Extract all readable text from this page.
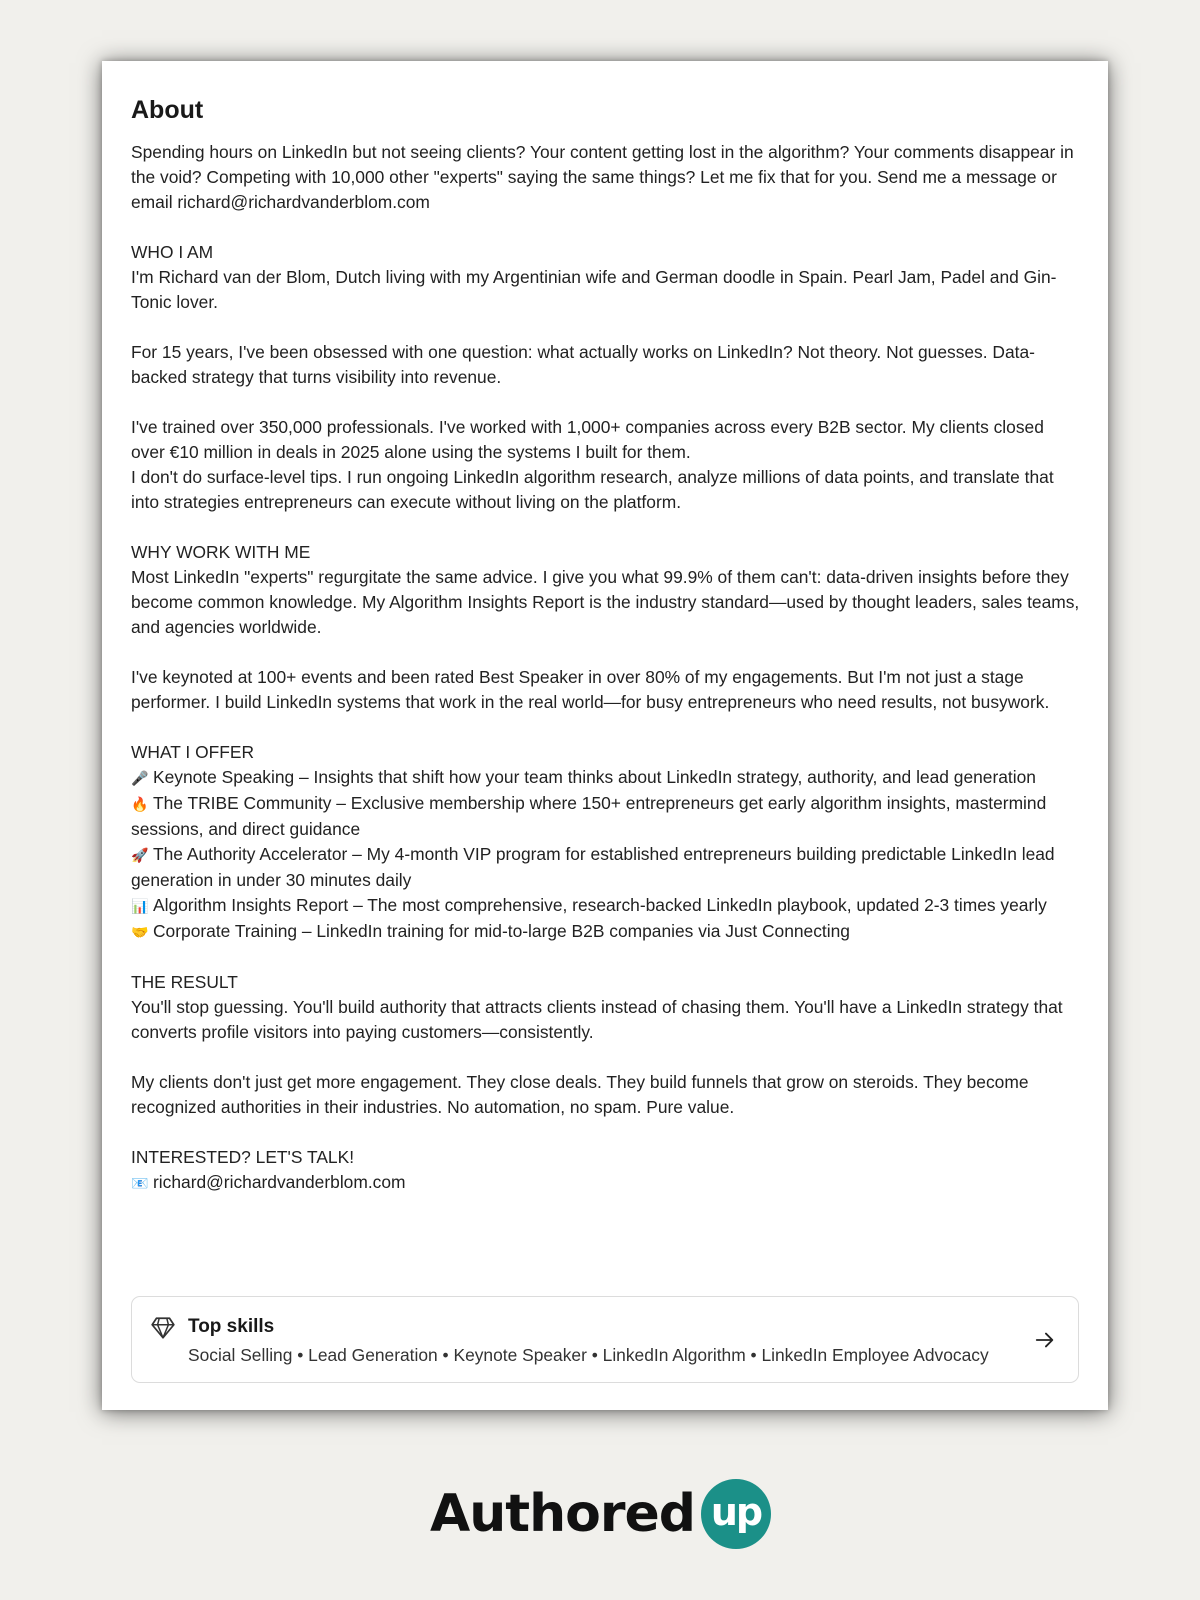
About
Spending hours on LinkedIn but not seeing clients? Your content getting lost in the algorithm? Your comments disappear in the void? Competing with 10,000 other "experts" saying the same things? Let me fix that for you. Send me a message or email richard@richardvanderblom.com
WHO I AM
I'm Richard van der Blom, Dutch living with my Argentinian wife and German doodle in Spain. Pearl Jam, Padel and Gin-Tonic lover.
For 15 years, I've been obsessed with one question: what actually works on LinkedIn? Not theory. Not guesses. Data-backed strategy that turns visibility into revenue.
I've trained over 350,000 professionals. I've worked with 1,000+ companies across every B2B sector. My clients closed over €10 million in deals in 2025 alone using the systems I built for them.
I don't do surface-level tips. I run ongoing LinkedIn algorithm research, analyze millions of data points, and translate that into strategies entrepreneurs can execute without living on the platform.
WHY WORK WITH ME
Most LinkedIn "experts" regurgitate the same advice. I give you what 99.9% of them can't: data-driven insights before they become common knowledge. My Algorithm Insights Report is the industry standard—used by thought leaders, sales teams, and agencies worldwide.
I've keynoted at 100+ events and been rated Best Speaker in over 80% of my engagements. But I'm not just a stage performer. I build LinkedIn systems that work in the real world—for busy entrepreneurs who need results, not busywork.
WHAT I OFFER
🎤 Keynote Speaking – Insights that shift how your team thinks about LinkedIn strategy, authority, and lead generation
🔥 The TRIBE Community – Exclusive membership where 150+ entrepreneurs get early algorithm insights, mastermind sessions, and direct guidance
🚀 The Authority Accelerator – My 4-month VIP program for established entrepreneurs building predictable LinkedIn lead generation in under 30 minutes daily
📊 Algorithm Insights Report – The most comprehensive, research-backed LinkedIn playbook, updated 2-3 times yearly
🤝 Corporate Training – LinkedIn training for mid-to-large B2B companies via Just Connecting
THE RESULT
You'll stop guessing. You'll build authority that attracts clients instead of chasing them. You'll have a LinkedIn strategy that converts profile visitors into paying customers—consistently.
My clients don't just get more engagement. They close deals. They build funnels that grow on steroids. They become recognized authorities in their industries. No automation, no spam. Pure value.
INTERESTED? LET'S TALK!
📧 richard@richardvanderblom.com
Top skills
Social Selling • Lead Generation • Keynote Speaker • LinkedIn Algorithm • LinkedIn Employee Advocacy
Authored up
